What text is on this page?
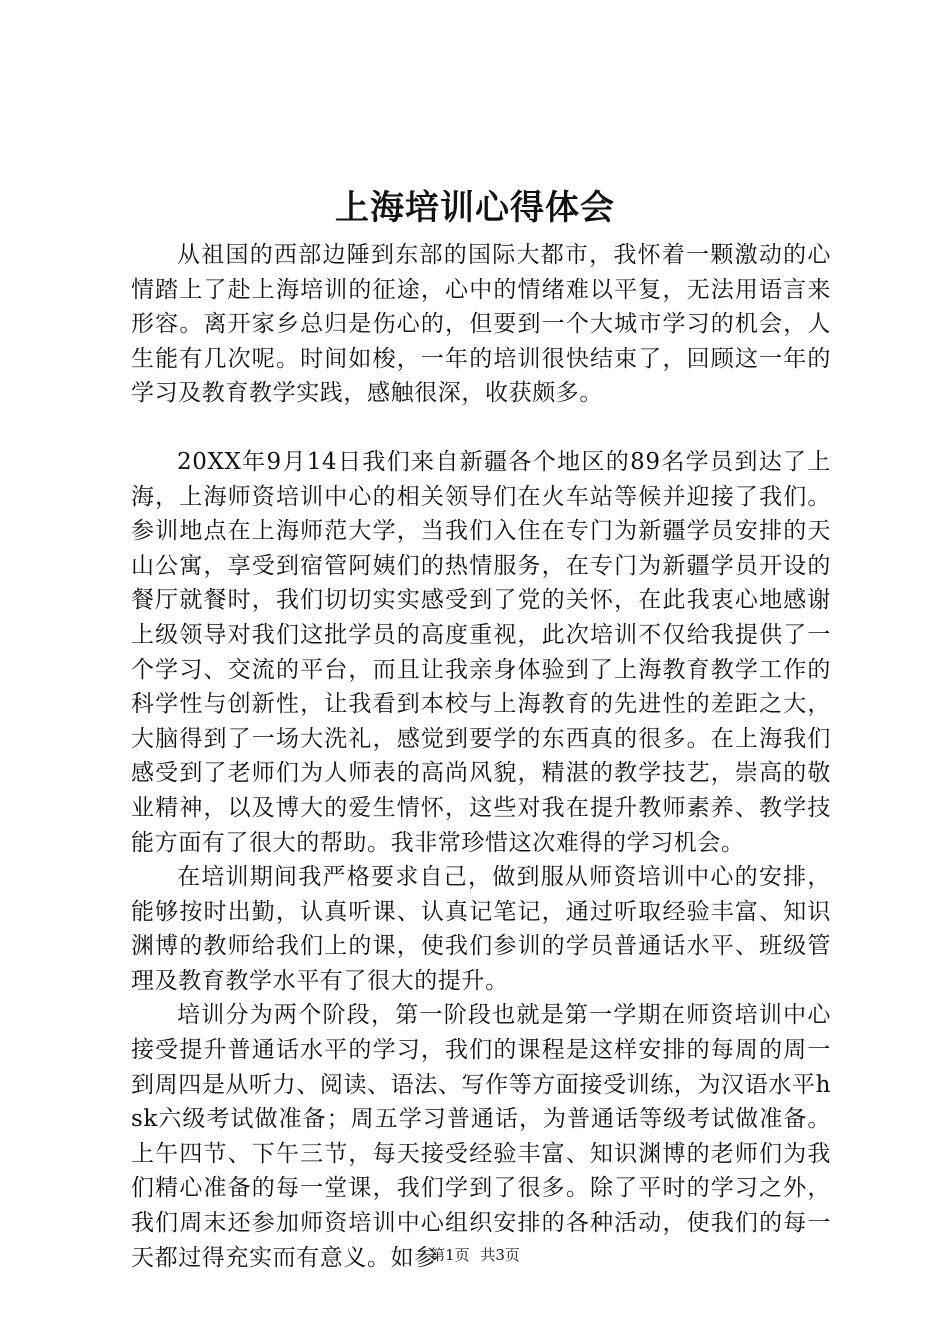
上海培训心得体会

从祖国的西部边陲到东部的国际大都市，我怀着一颗激动的心情踏上了赴上海培训的征途，心中的情绪难以平复，无法用语言来形容。离开家乡总归是伤心的，但要到一个大城市学习的机会，人生能有几次呢。时间如梭，一年的培训很快结束了，回顾这一年的学习及教育教学实践，感触很深，收获颇多。

20XX年9月14日我们来自新疆各个地区的89名学员到达了上海，上海师资培训中心的相关领导们在火车站等候并迎接了我们。参训地点在上海师范大学，当我们入住在专门为新疆学员安排的天山公寓，享受到宿管阿姨们的热情服务，在专门为新疆学员开设的餐厅就餐时，我们切切实实感受到了党的关怀，在此我衷心地感谢上级领导对我们这批学员的高度重视，此次培训不仅给我提供了一个学习、交流的平台，而且让我亲身体验到了上海教育教学工作的科学性与创新性，让我看到本校与上海教育的先进性的差距之大，大脑得到了一场大洗礼，感觉到要学的东西真的很多。在上海我们感受到了老师们为人师表的高尚风貌，精湛的教学技艺，崇高的敬业精神，以及博大的爱生情怀，这些对我在提升教师素养、教学技能方面有了很大的帮助。我非常珍惜这次难得的学习机会。

在培训期间我严格要求自己，做到服从师资培训中心的安排，能够按时出勤，认真听课、认真记笔记，通过听取经验丰富、知识渊博的教师给我们上的课，使我们参训的学员普通话水平、班级管理及教育教学水平有了很大的提升。

培训分为两个阶段，第一阶段也就是第一学期在师资培训中心接受提升普通话水平的学习，我们的课程是这样安排的每周的周一到周四是从听力、阅读、语法、写作等方面接受训练，为汉语水平hsk六级考试做准备；周五学习普通话，为普通话等级考试做准备。上午四节、下午三节，每天接受经验丰富、知识渊博的老师们为我们精心准备的每一堂课，我们学到了很多。除了平时的学习之外，我们周末还参加师资培训中心组织安排的各种活动，使我们的每一天都过得充实而有意义。如参

第1页 共3页
